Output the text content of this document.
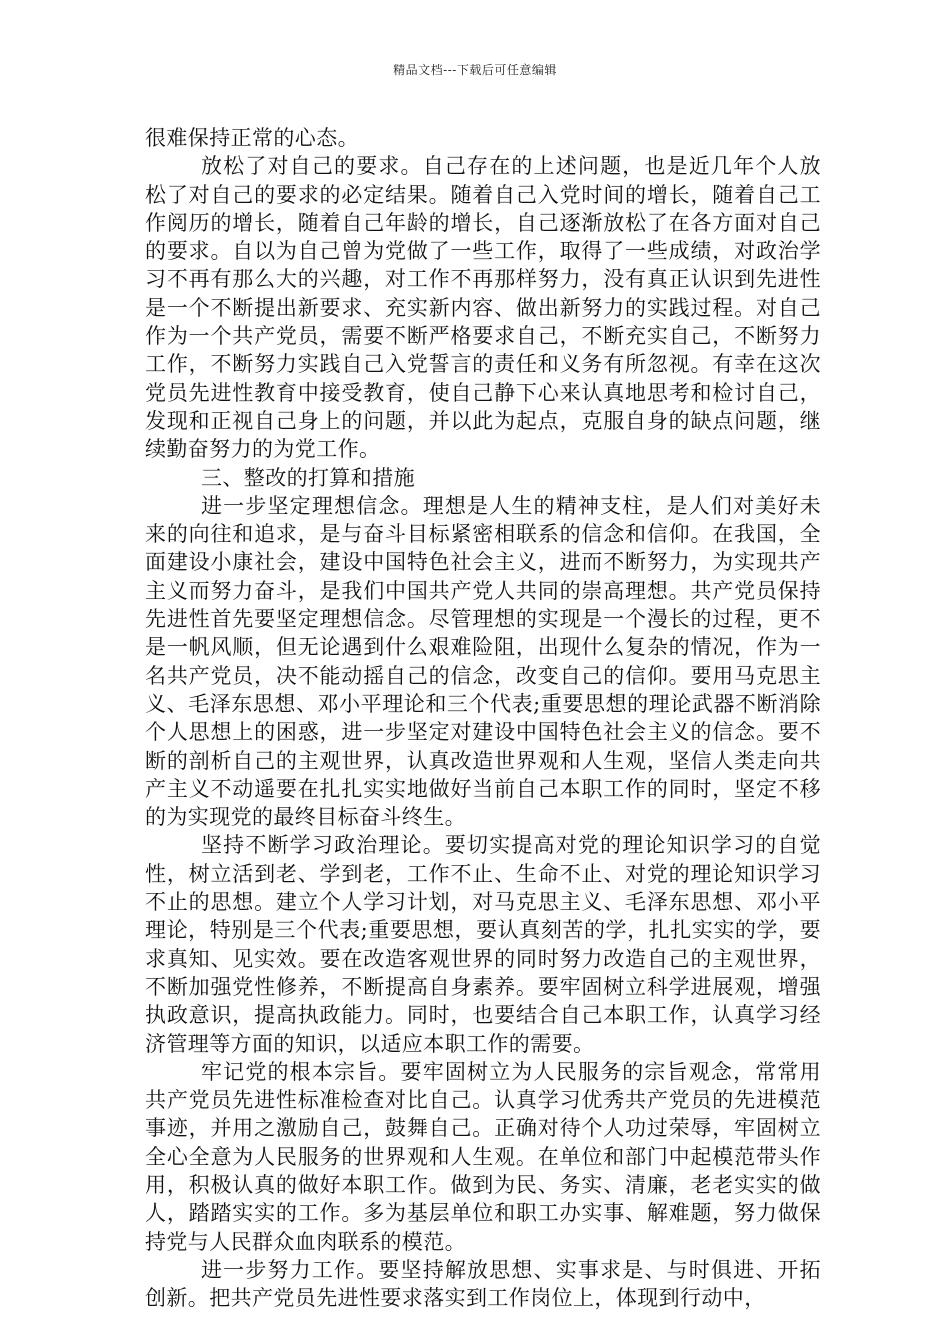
精品文档---下载后可任意编辑

很难保持正常的心态。

放松了对自己的要求。自己存在的上述问题，也是近几年个人放松了对自己的要求的必定结果。随着自己入党时间的增长，随着自己工作阅历的增长，随着自己年龄的增长，自己逐渐放松了在各方面对自己的要求。自以为自己曾为党做了一些工作，取得了一些成绩，对政治学习不再有那么大的兴趣，对工作不再那样努力，没有真正认识到先进性是一个不断提出新要求、充实新内容、做出新努力的实践过程。对自己作为一个共产党员，需要不断严格要求自己，不断充实自己，不断努力工作，不断努力实践自己入党誓言的责任和义务有所忽视。有幸在这次党员先进性教育中接受教育，使自己静下心来认真地思考和检讨自己，发现和正视自己身上的问题，并以此为起点，克服自身的缺点问题，继续勤奋努力的为党工作。

三、整改的打算和措施

进一步坚定理想信念。理想是人生的精神支柱，是人们对美好未来的向往和追求，是与奋斗目标紧密相联系的信念和信仰。在我国，全面建设小康社会，建设中国特色社会主义，进而不断努力，为实现共产主义而努力奋斗，是我们中国共产党人共同的崇高理想。共产党员保持先进性首先要坚定理想信念。尽管理想的实现是一个漫长的过程，更不是一帆风顺，但无论遇到什么艰难险阻，出现什么复杂的情况，作为一名共产党员，决不能动摇自己的信念，改变自己的信仰。要用马克思主义、毛泽东思想、邓小平理论和三个代表;重要思想的理论武器不断消除个人思想上的困惑，进一步坚定对建设中国特色社会主义的信念。要不断的剖析自己的主观世界，认真改造世界观和人生观，坚信人类走向共产主义不动遥要在扎扎实实地做好当前自己本职工作的同时，坚定不移的为实现党的最终目标奋斗终生。

坚持不断学习政治理论。要切实提高对党的理论知识学习的自觉性，树立活到老、学到老，工作不止、生命不止、对党的理论知识学习不止的思想。建立个人学习计划，对马克思主义、毛泽东思想、邓小平理论，特别是三个代表;重要思想，要认真刻苦的学，扎扎实实的学，要求真知、见实效。要在改造客观世界的同时努力改造自己的主观世界，不断加强党性修养，不断提高自身素养。要牢固树立科学进展观，增强执政意识，提高执政能力。同时，也要结合自己本职工作，认真学习经济管理等方面的知识，以适应本职工作的需要。

牢记党的根本宗旨。要牢固树立为人民服务的宗旨观念，常常用共产党员先进性标准检查对比自己。认真学习优秀共产党员的先进模范事迹，并用之激励自己，鼓舞自己。正确对待个人功过荣辱，牢固树立全心全意为人民服务的世界观和人生观。在单位和部门中起模范带头作用，积极认真的做好本职工作。做到为民、务实、清廉，老老实实的做人，踏踏实实的工作。多为基层单位和职工办实事、解难题，努力做保持党与人民群众血肉联系的模范。

进一步努力工作。要坚持解放思想、实事求是、与时俱进、开拓创新。把共产党员先进性要求落实到工作岗位上，体现到行动中，
